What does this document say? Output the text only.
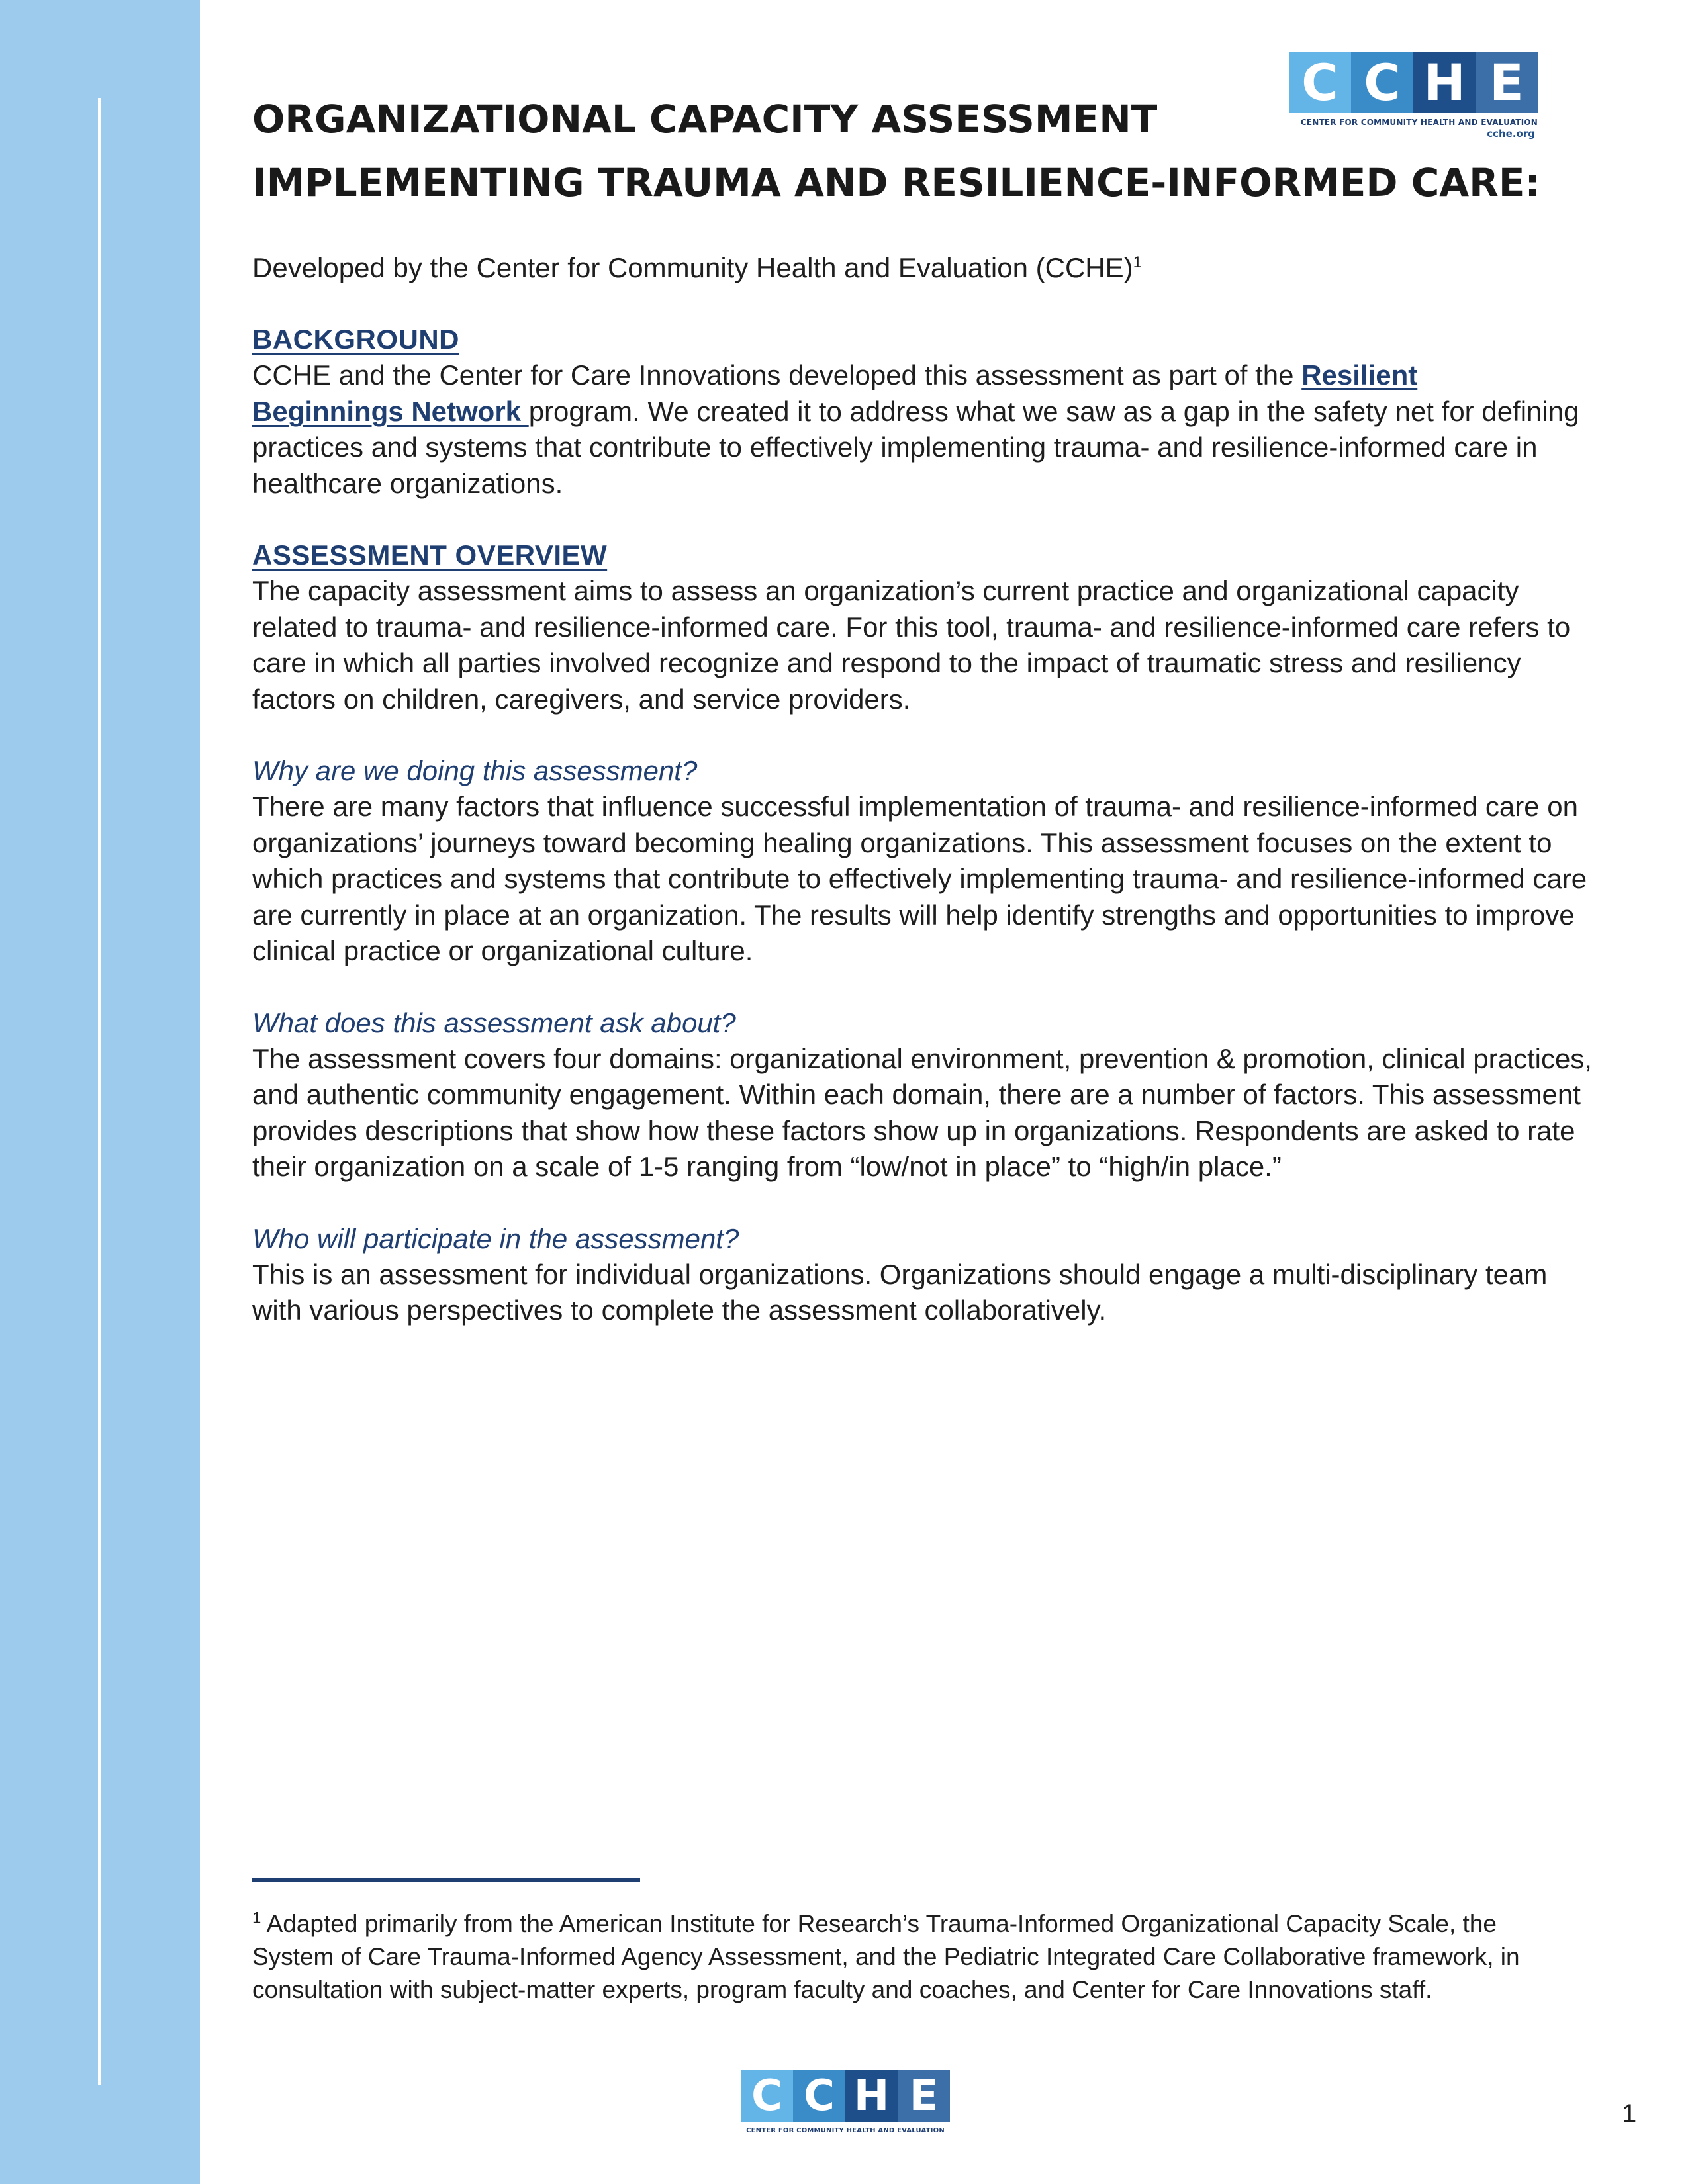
C C H E
CENTER FOR COMMUNITY HEALTH AND EVALUATION
cche.org
ORGANIZATIONAL CAPACITY ASSESSMENT
IMPLEMENTING TRAUMA AND RESILIENCE-INFORMED CARE:
Developed by the Center for Community Health and Evaluation (CCHE)$^1$
BACKGROUND

CCHE and the Center for Care Innovations developed this assessment as part of the Resilient
Beginnings Network program. We created it to address what we saw as a gap in the safety net for defining practices and systems that contribute to effectively implementing trauma- and resilience-informed care in healthcare organizations.

ASSESSMENT OVERVIEW

The capacity assessment aims to assess an organization’s current practice and organizational capacity related to trauma- and resilience-informed care. For this tool, trauma- and resilience-informed care refers to care in which all parties involved recognize and respond to the impact of traumatic stress and resiliency factors on children, caregivers, and service providers.

Why are we doing this assessment?

There are many factors that influence successful implementation of trauma- and resilience-informed care on organizations’ journeys toward becoming healing organizations. This assessment focuses on the extent to which practices and systems that contribute to effectively implementing trauma- and resilience-informed care are currently in place at an organization. The results will help identify strengths and opportunities to improve clinical practice or organizational culture.

What does this assessment ask about?

The assessment covers four domains: organizational environment, prevention & promotion, clinical practices, and authentic community engagement. Within each domain, there are a number of factors. This assessment provides descriptions that show how these factors show up in organizations. Respondents are asked to rate their organization on a scale of 1-5 ranging from “low/not in place” to “high/in place.”

Who will participate in the assessment?

This is an assessment for individual organizations. Organizations should engage a multi-disciplinary team with various perspectives to complete the assessment collaboratively.

$^1$ Adapted primarily from the American Institute for Research’s Trauma-Informed Organizational Capacity Scale, the System of Care Trauma-Informed Agency Assessment, and the Pediatric Integrated Care Collaborative framework, in consultation with subject-matter experts, program faculty and coaches, and Center for Care Innovations staff.

C C H E
CENTER FOR COMMUNITY HEALTH AND EVALUATION
1
